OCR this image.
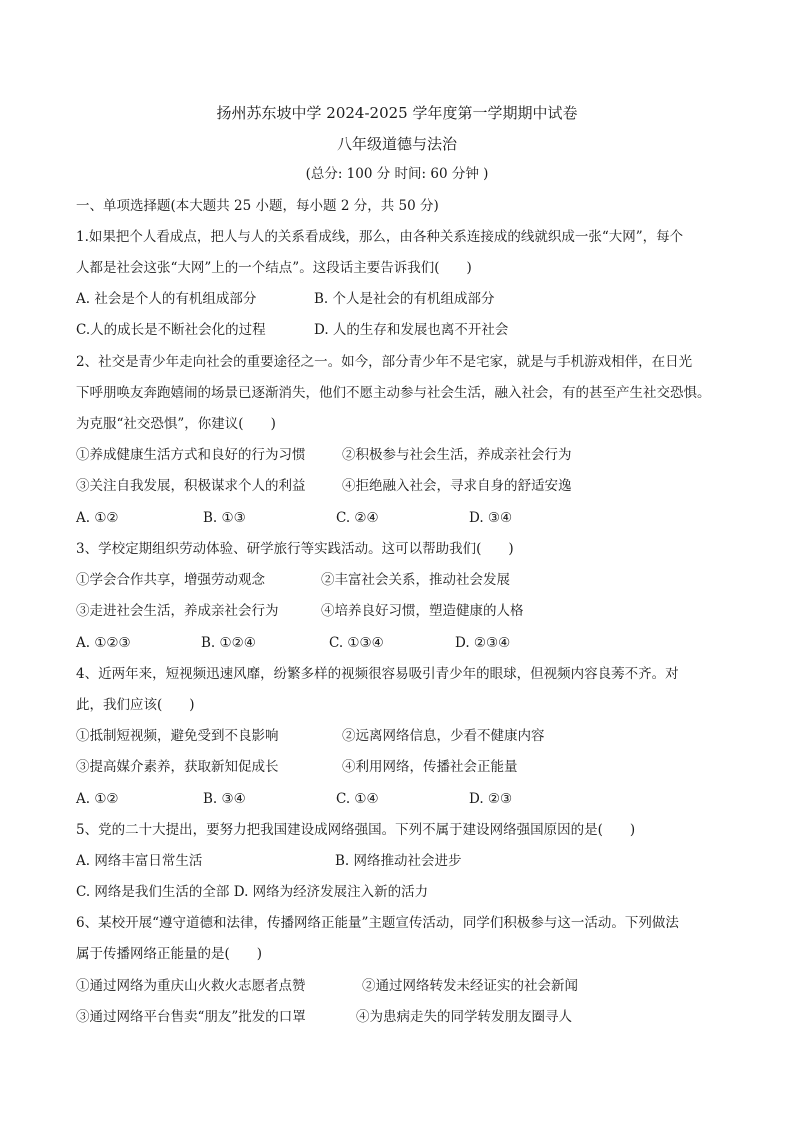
扬州苏东坡中学 2024-2025 学年度第一学期期中试卷
八年级道德与法治
(总分: 100 分 时间: 60 分钟 )
一、单项选择题(本大题共 25 小题，每小题 2 分，共 50 分)
1.如果把个人看成点，把人与人的关系看成线，那么，由各种关系连接成的线就织成一张“大网”，每个
人都是社会这张“大网”上的一个结点”。这段话主要告诉我们(　　)
A. 社会是个人的有机组成部分	B. 个人是社会的有机组成部分
C.人的成长是不断社会化的过程	D. 人的生存和发展也离不开社会
2、社交是青少年走向社会的重要途径之一。如今，部分青少年不是宅家，就是与手机游戏相伴，在日光
下呼朋唤友奔跑嬉闹的场景已逐渐消失，他们不愿主动参与社会生活，融入社会，有的甚至产生社交恐惧。
为克服“社交恐惧”，你建议(　　)
①养成健康生活方式和良好的行为习惯	②积极参与社会生活，养成亲社会行为
③关注自我发展，积极谋求个人的利益	④拒绝融入社会，寻求自身的舒适安逸
A. ①②	B. ①③	C. ②④	D. ③④
3、学校定期组织劳动体验、研学旅行等实践活动。这可以帮助我们(　　)
①学会合作共享，增强劳动观念	②丰富社会关系，推动社会发展
③走进社会生活，养成亲社会行为	④培养良好习惯，塑造健康的人格
A. ①②③	B. ①②④	C. ①③④	D. ②③④
4、近两年来，短视频迅速风靡，纷繁多样的视频很容易吸引青少年的眼球，但视频内容良莠不齐。对
此，我们应该(　　)
①抵制短视频，避免受到不良影响	②远离网络信息，少看不健康内容
③提高媒介素养，获取新知促成长	④利用网络，传播社会正能量
A. ①②	B. ③④	C. ①④	D. ②③
5、党的二十大提出，要努力把我国建设成网络强国。下列不属于建设网络强国原因的是(　　)
A. 网络丰富日常生活	B. 网络推动社会进步
C. 网络是我们生活的全部 D. 网络为经济发展注入新的活力
6、某校开展“遵守道德和法律，传播网络正能量”主题宣传活动，同学们积极参与这一活动。下列做法
属于传播网络正能量的是(　　)
①通过网络为重庆山火救火志愿者点赞	②通过网络转发未经证实的社会新闻
③通过网络平台售卖“朋友”批发的口罩	④为患病走失的同学转发朋友圈寻人
